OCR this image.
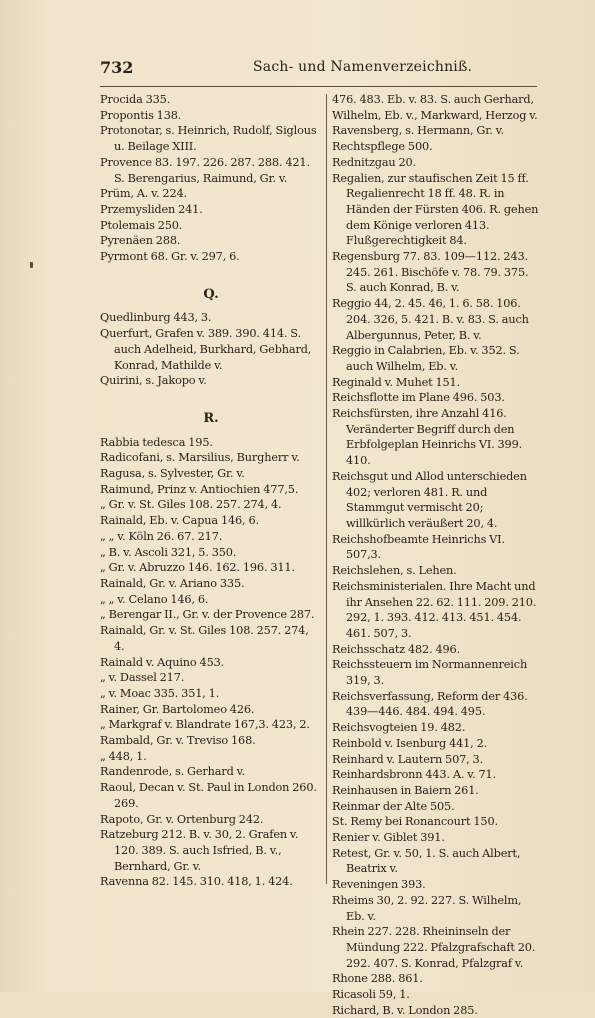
732	Sach- und Namenverzeichniß.

Procida 335.

Propontis 138.

Protonotar, s. Heinrich, Rudolf, Siglous u. Beilage XIII.

Provence 83. 197. 226. 287. 288. 421. S. Berengarius, Raimund, Gr. v.

Prüm, A. v. 224.

Przemysliden 241.

Ptolemais 250.

Pyrenäen 288.

Pyrmont 68. Gr. v. 297, 6.

Q.

Quedlinburg 443, 3.

Querfurt, Grafen v. 389. 390. 414. S. auch Adelheid, Burkhard, Gebhard, Konrad, Mathilde v.

Quirini, s. Jakopo v.

R.

Rabbia tedesca 195.

Radicofani, s. Marsilius, Burgherr v.

Ragusa, s. Sylvester, Gr. v.

Raimund, Prinz v. Antiochien 477,5.

„ Gr. v. St. Giles 108. 257. 274, 4.

Rainald, Eb. v. Capua 146, 6.

„ „ v. Köln 26. 67. 217.

„ B. v. Ascoli 321, 5. 350.

„ Gr. v. Abruzzo 146. 162. 196. 311.

Rainald, Gr. v. Ariano 335.

„ „ v. Celano 146, 6.

„ Berengar II., Gr. v. der Provence 287.

Rainald, Gr. v. St. Giles 108. 257. 274, 4.

Rainald v. Aquino 453.

„ v. Dassel 217.

„ v. Moac 335. 351, 1.

Rainer, Gr. Bartolomeo 426.

„ Markgraf v. Blandrate 167,3. 423, 2.

Rambald, Gr. v. Treviso 168.

„ 448, 1.

Randenrode, s. Gerhard v.

Raoul, Decan v. St. Paul in London 260. 269.

Rapoto, Gr. v. Ortenburg 242.

Ratzeburg 212. B. v. 30, 2. Grafen v. 120. 389. S. auch Isfried, B. v., Bernhard, Gr. v.

Ravenna 82. 145. 310. 418, 1. 424.

476. 483. Eb. v. 83. S. auch Gerhard, Wilhelm, Eb. v., Markward, Herzog v.

Ravensberg, s. Hermann, Gr. v.

Rechtspflege 500.

Rednitzgau 20.

Regalien, zur staufischen Zeit 15 ff. Regalienrecht 18 ff. 48. R. in Händen der Fürsten 406. R. gehen dem Könige verloren 413. Flußgerechtigkeit 84.

Regensburg 77. 83. 109—112. 243. 245. 261. Bischöfe v. 78. 79. 375. S. auch Konrad, B. v.

Reggio 44, 2. 45. 46, 1. 6. 58. 106. 204. 326, 5. 421. B. v. 83. S. auch Albergunnus, Peter, B. v.

Reggio in Calabrien, Eb. v. 352. S. auch Wilhelm, Eb. v.

Reginald v. Muhet 151.

Reichsflotte im Plane 496. 503.

Reichsfürsten, ihre Anzahl 416. Veränderter Begriff durch den Erbfolgeplan Heinrichs VI. 399. 410.

Reichsgut und Allod unterschieden 402; verloren 481. R. und Stammgut vermischt 20; willkürlich veräußert 20, 4.

Reichshofbeamte Heinrichs VI. 507,3.

Reichslehen, s. Lehen.

Reichsministerialen. Ihre Macht und ihr Ansehen 22. 62. 111. 209. 210. 292, 1. 393. 412. 413. 451. 454. 461. 507, 3.

Reichsschatz 482. 496.

Reichssteuern im Normannenreich 319, 3.

Reichsverfassung, Reform der 436. 439—446. 484. 494. 495.

Reichsvogteien 19. 482.

Reinbold v. Isenburg 441, 2.

Reinhard v. Lautern 507, 3.

Reinhardsbronn 443. A. v. 71.

Reinhausen in Baiern 261.

Reinmar der Alte 505.

St. Remy bei Ronancourt 150.

Renier v. Giblet 391.

Retest, Gr. v. 50, 1. S. auch Albert, Beatrix v.

Reveningen 393.

Rheims 30, 2. 92. 227. S. Wilhelm, Eb. v.

Rhein 227. 228. Rheininseln der Mündung 222. Pfalzgrafschaft 20. 292. 407. S. Konrad, Pfalzgraf v.

Rhone 288. 861.

Ricasoli 59, 1.

Richard, B. v. London 285.
